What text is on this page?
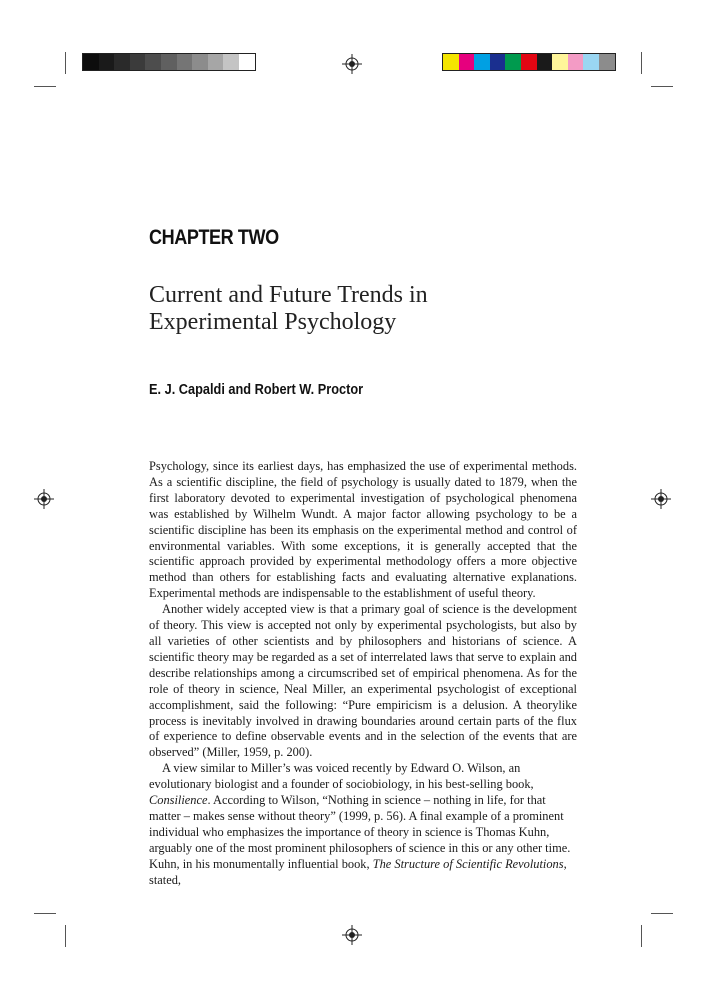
CHAPTER TWO
Current and Future Trends in
Experimental Psychology
E. J. Capaldi and Robert W. Proctor

Psychology, since its earliest days, has emphasized the use of experimental methods. As a scientific discipline, the field of psychology is usually dated to 1879, when the first laboratory devoted to experimental investigation of psychological phenomena was established by Wilhelm Wundt. A major factor allowing psychology to be a scientific discipline has been its emphasis on the experimental method and control of environmental variables. With some exceptions, it is generally accepted that the scientific approach provided by experimental methodology offers a more objective method than others for establishing facts and evaluating alternative explanations. Experimental methods are indispensable to the establishment of useful theory.

Another widely accepted view is that a primary goal of science is the development of theory. This view is accepted not only by experimental psychologists, but also by all varieties of other scientists and by philosophers and historians of science. A scientific theory may be regarded as a set of interrelated laws that serve to explain and describe relationships among a circumscribed set of empirical phenomena. As for the role of theory in science, Neal Miller, an experimental psychologist of exceptional accomplishment, said the following: “Pure empiricism is a delusion. A theorylike process is inevitably involved in drawing boundaries around certain parts of the flux of experience to define observable events and in the selection of the events that are observed” (Miller, 1959, p. 200).

A view similar to Miller’s was voiced recently by Edward O. Wilson, an evolutionary biologist and a founder of sociobiology, in his best-selling book, Consilience. According to Wilson, “Nothing in science – nothing in life, for that matter – makes sense without theory” (1999, p. 56). A final example of a prominent individual who emphasizes the importance of theory in science is Thomas Kuhn, arguably one of the most prominent philosophers of science in this or any other time. Kuhn, in his monumentally influential book, The Structure of Scientific Revolutions, stated,
